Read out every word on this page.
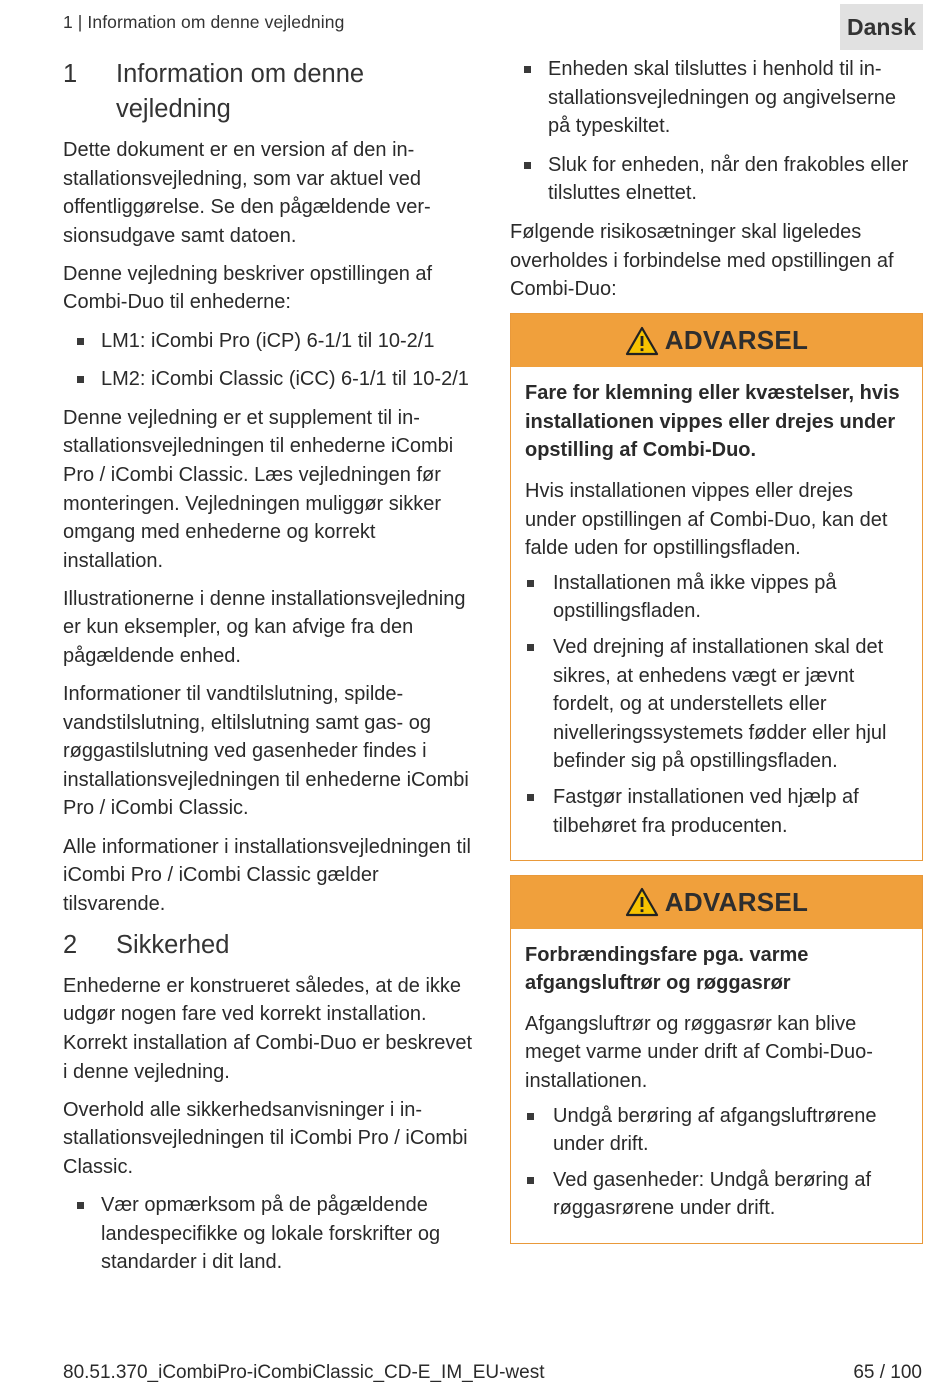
1 | Information om denne vejledning	Dansk
1	Information om denne vejledning

Dette dokument er en version af den installationsvejledning, som var aktuel ved offentliggørelse. Se den pågældende versionsudgave samt datoen.

Denne vejledning beskriver opstillingen af Combi-Duo til enhederne:

LM1: iCombi Pro (iCP) 6-1/1 til 10-2/1
LM2: iCombi Classic (iCC) 6-1/1 til 10-2/1

Denne vejledning er et supplement til installationsvejledningen til enhederne iCombi Pro / iCombi Classic. Læs vejledningen før monteringen. Vejledningen muliggør sikker omgang med enhederne og korrekt installation.

Illustrationerne i denne installationsvejledning er kun eksempler, og kan afvige fra den pågældende enhed.

Informationer til vandtilslutning, spildevandstilslutning, eltilslutning samt gas- og røggastilslutning ved gasenheder findes i installationsvejledningen til enhederne iCombi Pro / iCombi Classic.

Alle informationer i installationsvejledningen til iCombi Pro / iCombi Classic gælder tilsvarende.

2	Sikkerhed

Enhederne er konstrueret således, at de ikke udgør nogen fare ved korrekt installation. Korrekt installation af Combi-Duo er beskrevet i denne vejledning.

Overhold alle sikkerhedsanvisninger i installationsvejledningen til iCombi Pro / iCombi Classic.

Vær opmærksom på de pågældende landespecifikke og lokale forskrifter og standarder i dit land.
Enheden skal tilsluttes i henhold til installationsvejledningen og angivelserne på typeskiltet.
Sluk for enheden, når den frakobles eller tilsluttes elnettet.

Følgende risikosætninger skal ligeledes overholdes i forbindelse med opstillingen af Combi-Duo:

ADVARSEL

Fare for klemning eller kvæstelser, hvis installationen vippes eller drejes under opstilling af Combi-Duo.

Hvis installationen vippes eller drejes under opstillingen af Combi-Duo, kan det falde uden for opstillingsfladen.

Installationen må ikke vippes på opstillingsfladen.
Ved drejning af installationen skal det sikres, at enhedens vægt er jævnt fordelt, og at understellets eller nivelleringssystemets fødder eller hjul befinder sig på opstillingsfladen.
Fastgør installationen ved hjælp af tilbehøret fra producenten.
ADVARSEL

Forbrændingsfare pga. varme afgangsluftrør og røggasrør

Afgangsluftrør og røggasrør kan blive meget varme under drift af Combi-Duo-installationen.

Undgå berøring af afgangsluftrørene under drift.
Ved gasenheder: Undgå berøring af røggasrørene under drift.
80.51.370_iCombiPro-iCombiClassic_CD-E_IM_EU-west	65 / 100
